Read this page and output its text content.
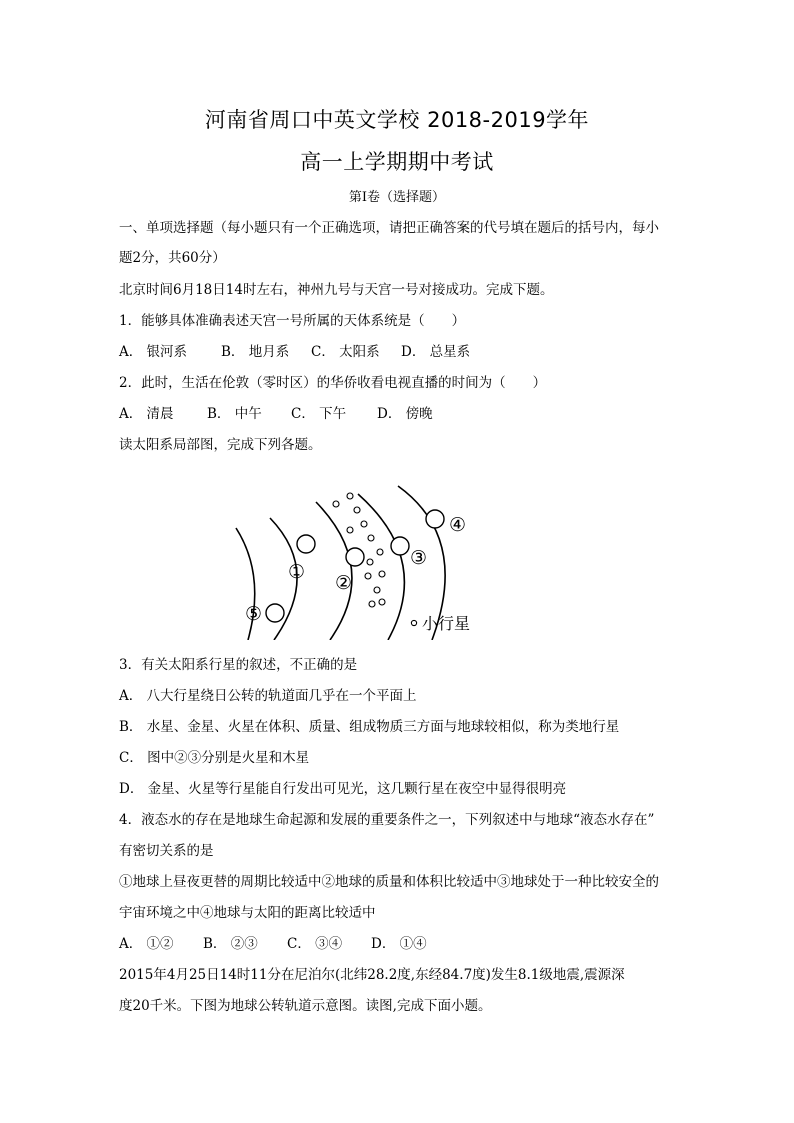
河南省周口中英文学校 2018-2019学年
高一上学期期中考试
第Ⅰ卷（选择题）
一、单项选择题（每小题只有一个正确选项，请把正确答案的代号填在题后的括号内，每小
题2分，共60分）
北京时间6月18日14时左右，神州九号与天宫一号对接成功。完成下题。
1．能够具体准确表述天宫一号所属的天体系统是（　　）
A． 银河系	B． 地月系 C． 太阳系 D． 总星系
2．此时，生活在伦敦（零时区）的华侨收看电视直播的时间为（　　）
A． 清晨 B． 中午 C． 下午 D． 傍晚
读太阳系局部图，完成下列各题。
① ②
③
④
⑤	小行星
3．有关太阳系行星的叙述，不正确的是
A． 八大行星绕日公转的轨道面几乎在一个平面上
B． 水星、金星、火星在体积、质量、组成物质三方面与地球较相似，称为类地行星
C． 图中②③分别是火星和木星
D． 金星、火星等行星能自行发出可见光，这几颗行星在夜空中显得很明亮
4．液态水的存在是地球生命起源和发展的重要条件之一，下列叙述中与地球“液态水存在”
有密切关系的是
①地球上昼夜更替的周期比较适中②地球的质量和体积比较适中③地球处于一种比较安全的
宇宙环境之中④地球与太阳的距离比较适中
A． ①② B． ②③ C． ③④ D． ①④
2015年4月25日14时11分在尼泊尔(北纬28.2度,东经84.7度)发生8.1级地震,震源深
度20千米。下图为地球公转轨道示意图。读图,完成下面小题。
